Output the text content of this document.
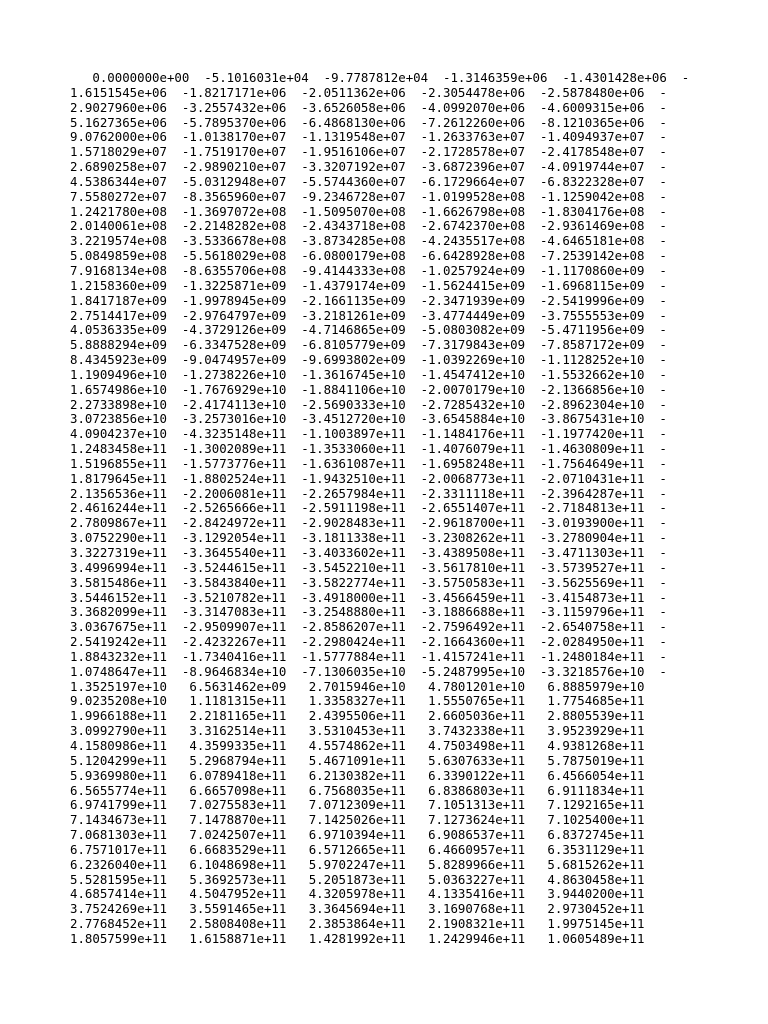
0.0000000e+00  -5.1016031e+04  -9.7787812e+04  -1.3146359e+06  -1.4301428e+06  -
1.6151545e+06  -1.8217171e+06  -2.0511362e+06  -2.3054478e+06  -2.5878480e+06  -
2.9027960e+06  -3.2557432e+06  -3.6526058e+06  -4.0992070e+06  -4.6009315e+06  -
5.1627365e+06  -5.7895370e+06  -6.4868130e+06  -7.2612260e+06  -8.1210365e+06  -
9.0762000e+06  -1.0138170e+07  -1.1319548e+07  -1.2633763e+07  -1.4094937e+07  -
1.5718029e+07  -1.7519170e+07  -1.9516106e+07  -2.1728578e+07  -2.4178548e+07  -
2.6890258e+07  -2.9890210e+07  -3.3207192e+07  -3.6872396e+07  -4.0919744e+07  -
4.5386344e+07  -5.0312948e+07  -5.5744360e+07  -6.1729664e+07  -6.8322328e+07  -
7.5580272e+07  -8.3565960e+07  -9.2346728e+07  -1.0199528e+08  -1.1259042e+08  -
1.2421780e+08  -1.3697072e+08  -1.5095070e+08  -1.6626798e+08  -1.8304176e+08  -
2.0140061e+08  -2.2148282e+08  -2.4343718e+08  -2.6742370e+08  -2.9361469e+08  -
3.2219574e+08  -3.5336678e+08  -3.8734285e+08  -4.2435517e+08  -4.6465181e+08  -
5.0849859e+08  -5.5618029e+08  -6.0800179e+08  -6.6428928e+08  -7.2539142e+08  -
7.9168134e+08  -8.6355706e+08  -9.4144333e+08  -1.0257924e+09  -1.1170860e+09  -
1.2158360e+09  -1.3225871e+09  -1.4379174e+09  -1.5624415e+09  -1.6968115e+09  -
1.8417187e+09  -1.9978945e+09  -2.1661135e+09  -2.3471939e+09  -2.5419996e+09  -
2.7514417e+09  -2.9764797e+09  -3.2181261e+09  -3.4774449e+09  -3.7555553e+09  -
4.0536335e+09  -4.3729126e+09  -4.7146865e+09  -5.0803082e+09  -5.4711956e+09  -
5.8888294e+09  -6.3347528e+09  -6.8105779e+09  -7.3179843e+09  -7.8587172e+09  -
8.4345923e+09  -9.0474957e+09  -9.6993802e+09  -1.0392269e+10  -1.1128252e+10  -
1.1909496e+10  -1.2738226e+10  -1.3616745e+10  -1.4547412e+10  -1.5532662e+10  -
1.6574986e+10  -1.7676929e+10  -1.8841106e+10  -2.0070179e+10  -2.1366856e+10  -
2.2733898e+10  -2.4174113e+10  -2.5690333e+10  -2.7285432e+10  -2.8962304e+10  -
3.0723856e+10  -3.2573016e+10  -3.4512720e+10  -3.6545884e+10  -3.8675431e+10  -
4.0904237e+10  -4.3235148e+11  -1.1003897e+11  -1.1484176e+11  -1.1977420e+11  -
1.2483458e+11  -1.3002089e+11  -1.3533060e+11  -1.4076079e+11  -1.4630809e+11  -
1.5196855e+11  -1.5773776e+11  -1.6361087e+11  -1.6958248e+11  -1.7564649e+11  -
1.8179645e+11  -1.8802524e+11  -1.9432510e+11  -2.0068773e+11  -2.0710431e+11  -
2.1356536e+11  -2.2006081e+11  -2.2657984e+11  -2.3311118e+11  -2.3964287e+11  -
2.4616244e+11  -2.5265666e+11  -2.5911198e+11  -2.6551407e+11  -2.7184813e+11  -
2.7809867e+11  -2.8424972e+11  -2.9028483e+11  -2.9618700e+11  -3.0193900e+11  -
3.0752290e+11  -3.1292054e+11  -3.1811338e+11  -3.2308262e+11  -3.2780904e+11  -
3.3227319e+11  -3.3645540e+11  -3.4033602e+11  -3.4389508e+11  -3.4711303e+11  -
3.4996994e+11  -3.5244615e+11  -3.5452210e+11  -3.5617810e+11  -3.5739527e+11  -
3.5815486e+11  -3.5843840e+11  -3.5822774e+11  -3.5750583e+11  -3.5625569e+11  -
3.5446152e+11  -3.5210782e+11  -3.4918000e+11  -3.4566459e+11  -3.4154873e+11  -
3.3682099e+11  -3.3147083e+11  -3.2548880e+11  -3.1886688e+11  -3.1159796e+11  -
3.0367675e+11  -2.9509907e+11  -2.8586207e+11  -2.7596492e+11  -2.6540758e+11  -
2.5419242e+11  -2.4232267e+11  -2.2980424e+11  -2.1664360e+11  -2.0284950e+11  -
1.8843232e+11  -1.7340416e+11  -1.5777884e+11  -1.4157241e+11  -1.2480184e+11  -
1.0748647e+11  -8.9646834e+10  -7.1306035e+10  -5.2487995e+10  -3.3218576e+10  -
1.3525197e+10   6.5631462e+09   2.7015946e+10   4.7801201e+10   6.8885979e+10
9.0235208e+10   1.1181315e+11   1.3358327e+11   1.5550765e+11   1.7754685e+11
1.9966188e+11   2.2181165e+11   2.4395506e+11   2.6605036e+11   2.8805539e+11
3.0992790e+11   3.3162514e+11   3.5310453e+11   3.7432338e+11   3.9523929e+11
4.1580986e+11   4.3599335e+11   4.5574862e+11   4.7503498e+11   4.9381268e+11
5.1204299e+11   5.2968794e+11   5.4671091e+11   5.6307633e+11   5.7875019e+11
5.9369980e+11   6.0789418e+11   6.2130382e+11   6.3390122e+11   6.4566054e+11
6.5655774e+11   6.6657098e+11   6.7568035e+11   6.8386803e+11   6.9111834e+11
6.9741799e+11   7.0275583e+11   7.0712309e+11   7.1051313e+11   7.1292165e+11
7.1434673e+11   7.1478870e+11   7.1425026e+11   7.1273624e+11   7.1025400e+11
7.0681303e+11   7.0242507e+11   6.9710394e+11   6.9086537e+11   6.8372745e+11
6.7571017e+11   6.6683529e+11   6.5712665e+11   6.4660957e+11   6.3531129e+11
6.2326040e+11   6.1048698e+11   5.9702247e+11   5.8289966e+11   5.6815262e+11
5.5281595e+11   5.3692573e+11   5.2051873e+11   5.0363227e+11   4.8630458e+11
4.6857414e+11   4.5047952e+11   4.3205978e+11   4.1335416e+11   3.9440200e+11
3.7524269e+11   3.5591465e+11   3.3645694e+11   3.1690768e+11   2.9730452e+11
2.7768452e+11   2.5808408e+11   2.3853864e+11   2.1908321e+11   1.9975145e+11
1.8057599e+11   1.6158871e+11   1.4281992e+11   1.2429946e+11   1.0605489e+11
